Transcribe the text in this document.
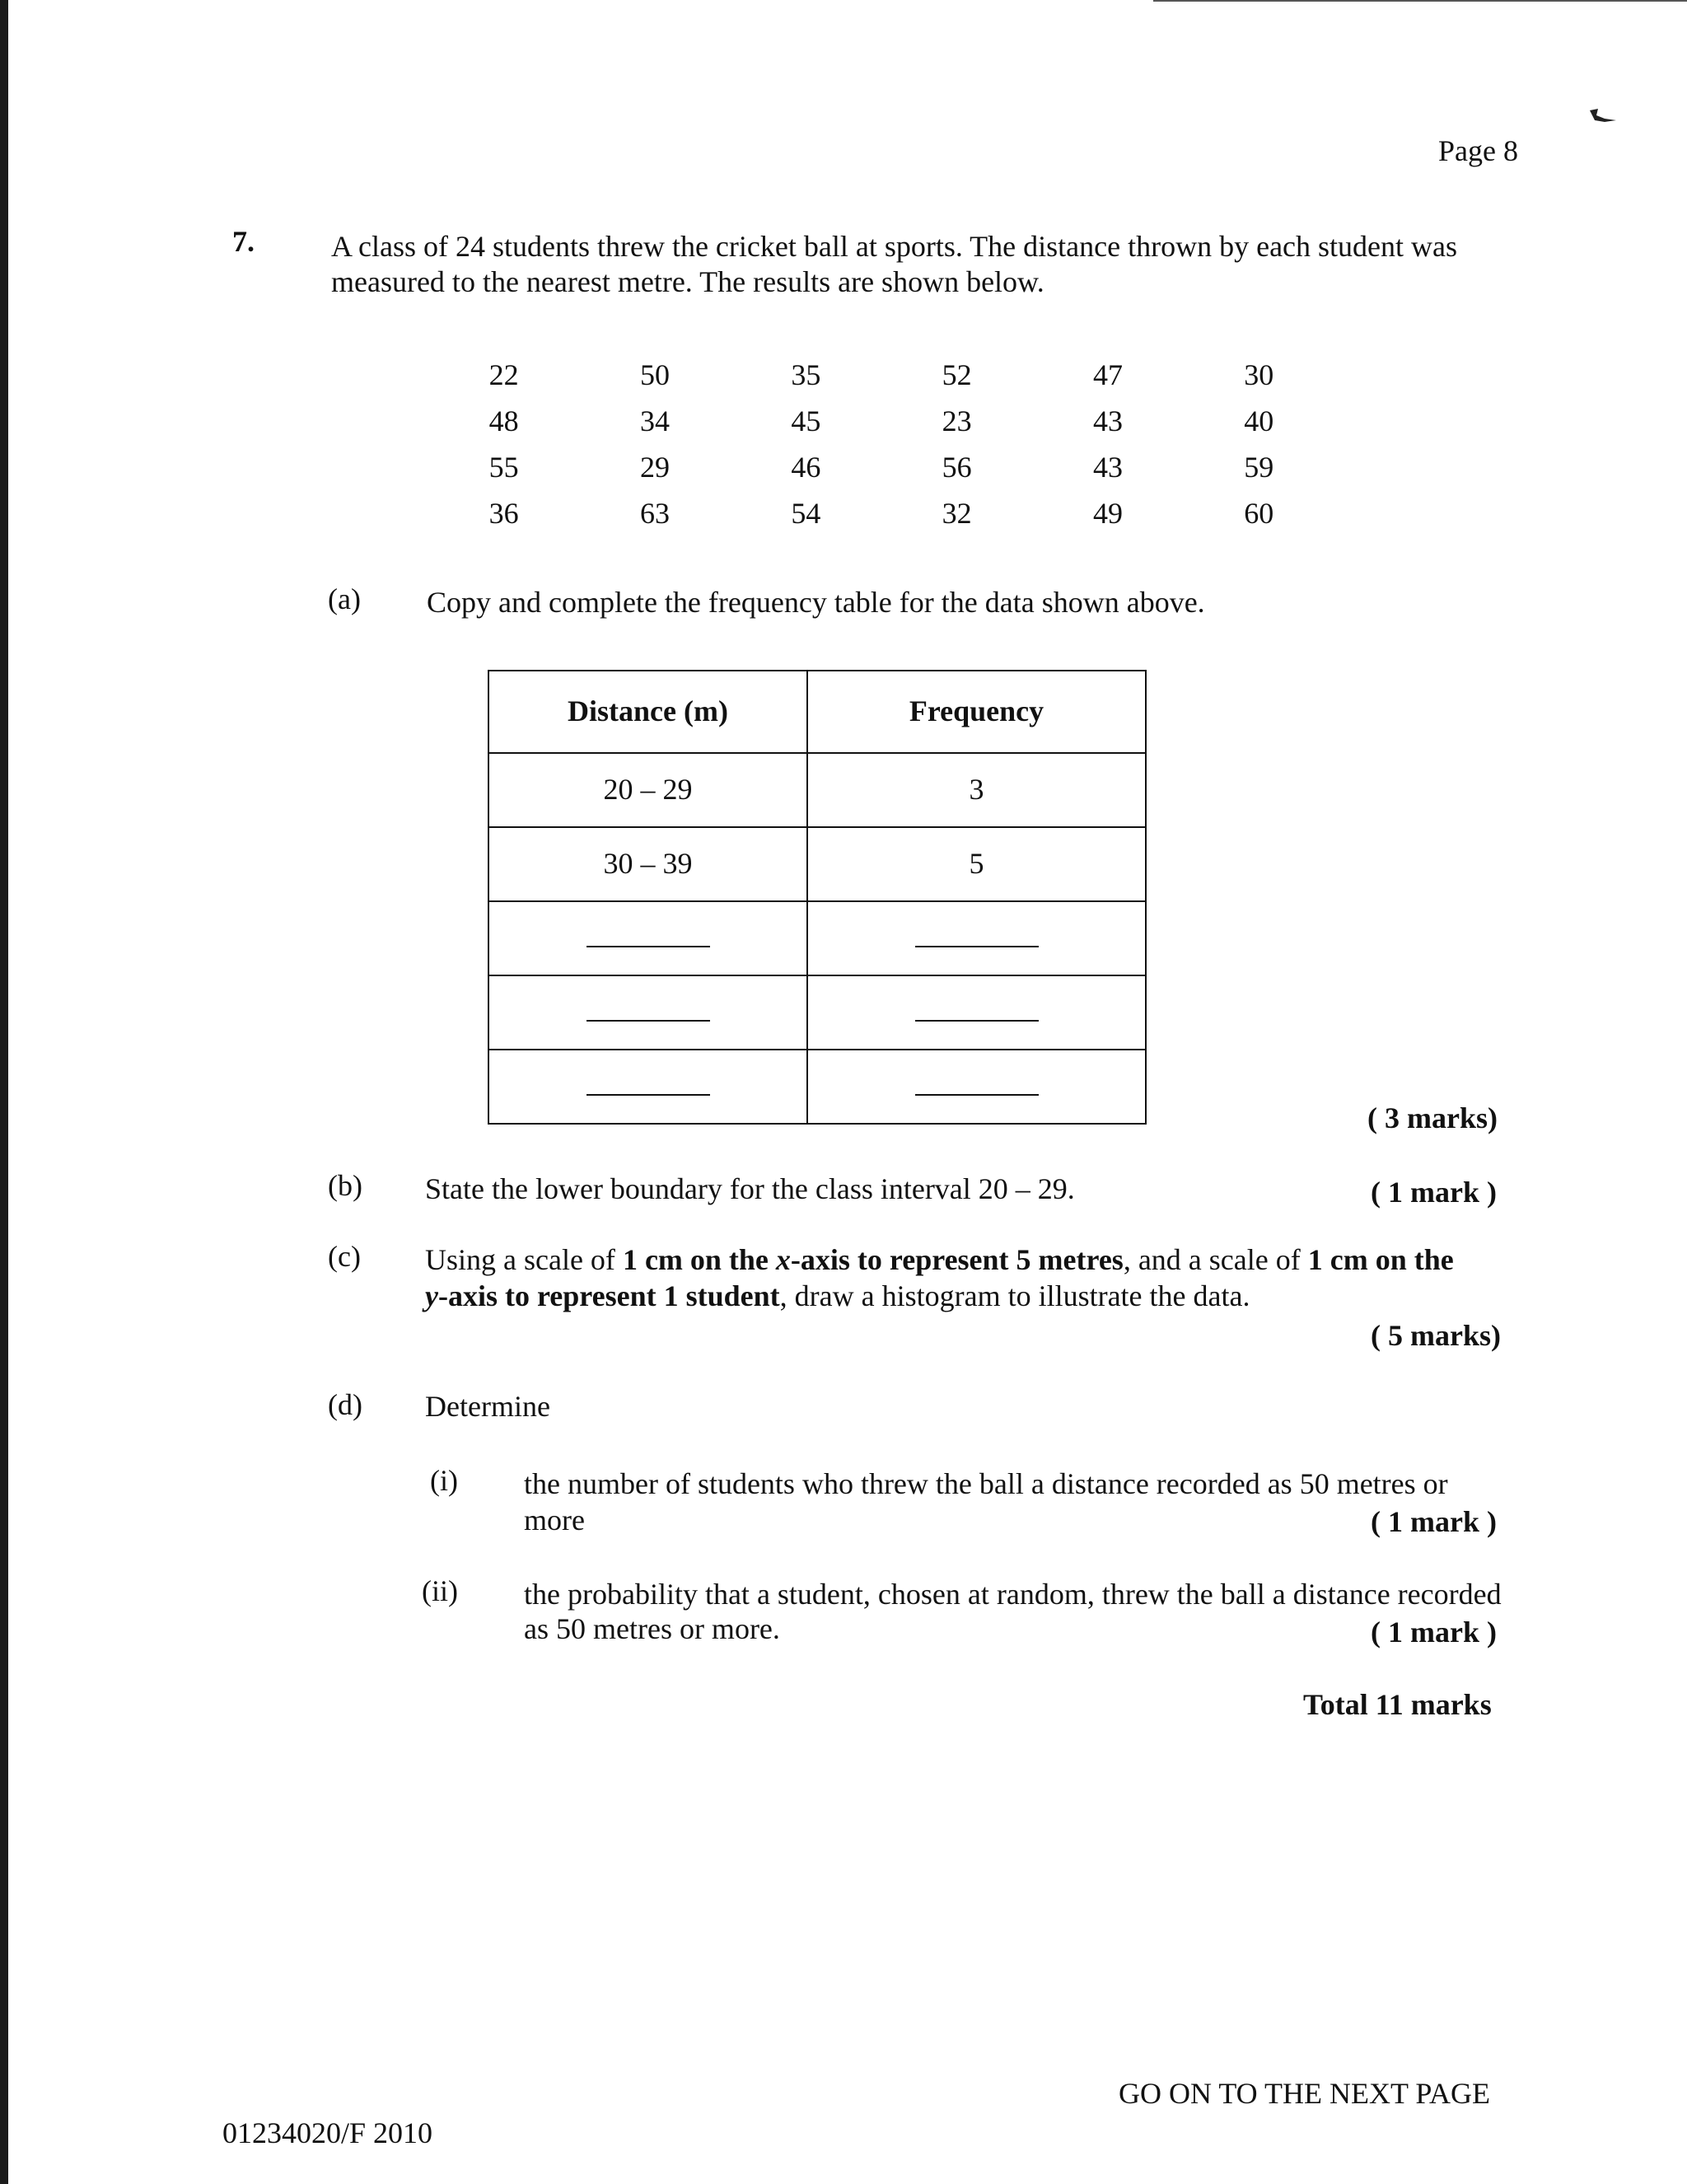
Page 8
7.	A class of 24 students threw the cricket ball at sports. The distance thrown by each student was
measured to the nearest metre. The results are shown below.
22	50	35	52	47	30
48	34	45	23	43	40
55	29	46	56	43	59
36	63	54	32	49	60
(a) Copy and complete the frequency table for the data shown above.
Distance (m)	Frequency
20 – 29	3
30 – 39	5

( 3 marks)
(b) State the lower boundary for the class interval 20 – 29.	( 1 mark )
(c) Using a scale of 1 cm on the x-axis to represent 5 metres, and a scale of 1 cm on the
y-axis to represent 1 student, draw a histogram to illustrate the data.
( 5 marks)
(d) Determine
(i) the number of students who threw the ball a distance recorded as 50 metres or
more	( 1 mark )
(ii) the probability that a student, chosen at random, threw the ball a distance recorded
as 50 metres or more.	( 1 mark )
Total 11 marks
GO ON TO THE NEXT PAGE
01234020/F 2010
